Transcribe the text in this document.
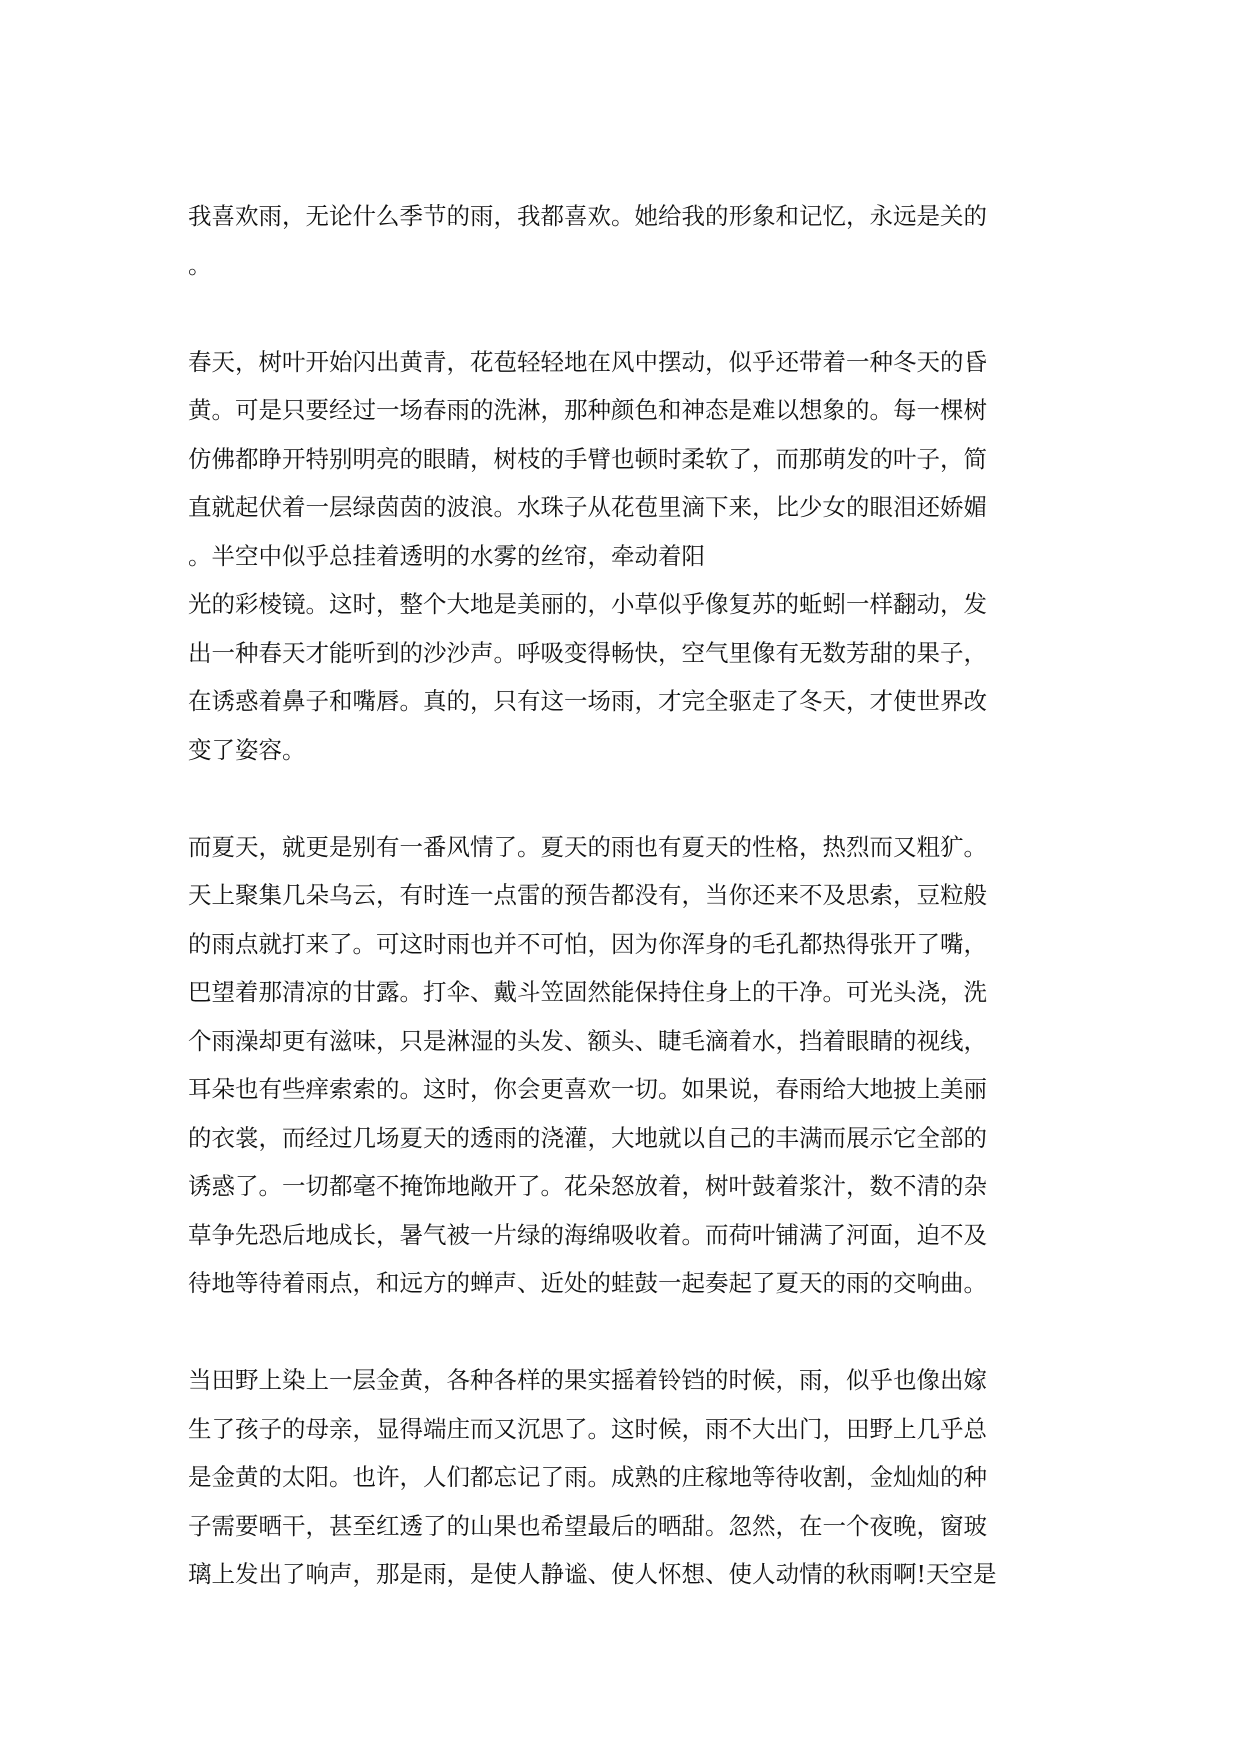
我喜欢雨，无论什么季节的雨，我都喜欢。她给我的形象和记忆，永远是关的
。
春天，树叶开始闪出黄青，花苞轻轻地在风中摆动，似乎还带着一种冬天的昏
黄。可是只要经过一场春雨的洗淋，那种颜色和神态是难以想象的。每一棵树
仿佛都睁开特别明亮的眼睛，树枝的手臂也顿时柔软了，而那萌发的叶子，简
直就起伏着一层绿茵茵的波浪。水珠子从花苞里滴下来，比少女的眼泪还娇媚
。半空中似乎总挂着透明的水雾的丝帘，牵动着阳
光的彩棱镜。这时，整个大地是美丽的，小草似乎像复苏的蚯蚓一样翻动，发
出一种春天才能听到的沙沙声。呼吸变得畅快，空气里像有无数芳甜的果子，
在诱惑着鼻子和嘴唇。真的，只有这一场雨，才完全驱走了冬天，才使世界改
变了姿容。
而夏天，就更是别有一番风情了。夏天的雨也有夏天的性格，热烈而又粗犷。
天上聚集几朵乌云，有时连一点雷的预告都没有，当你还来不及思索，豆粒般
的雨点就打来了。可这时雨也并不可怕，因为你浑身的毛孔都热得张开了嘴，
巴望着那清凉的甘露。打伞、戴斗笠固然能保持住身上的干净。可光头浇，洗
个雨澡却更有滋味，只是淋湿的头发、额头、睫毛滴着水，挡着眼睛的视线，
耳朵也有些痒索索的。这时，你会更喜欢一切。如果说，春雨给大地披上美丽
的衣裳，而经过几场夏天的透雨的浇灌，大地就以自己的丰满而展示它全部的
诱惑了。一切都毫不掩饰地敞开了。花朵怒放着，树叶鼓着浆汁，数不清的杂
草争先恐后地成长，暑气被一片绿的海绵吸收着。而荷叶铺满了河面，迫不及
待地等待着雨点，和远方的蝉声、近处的蛙鼓一起奏起了夏天的雨的交响曲。
当田野上染上一层金黄，各种各样的果实摇着铃铛的时候，雨，似乎也像出嫁
生了孩子的母亲，显得端庄而又沉思了。这时候，雨不大出门，田野上几乎总
是金黄的太阳。也许，人们都忘记了雨。成熟的庄稼地等待收割，金灿灿的种
子需要晒干，甚至红透了的山果也希望最后的晒甜。忽然，在一个夜晚，窗玻
璃上发出了响声，那是雨，是使人静谧、使人怀想、使人动情的秋雨啊!天空是
